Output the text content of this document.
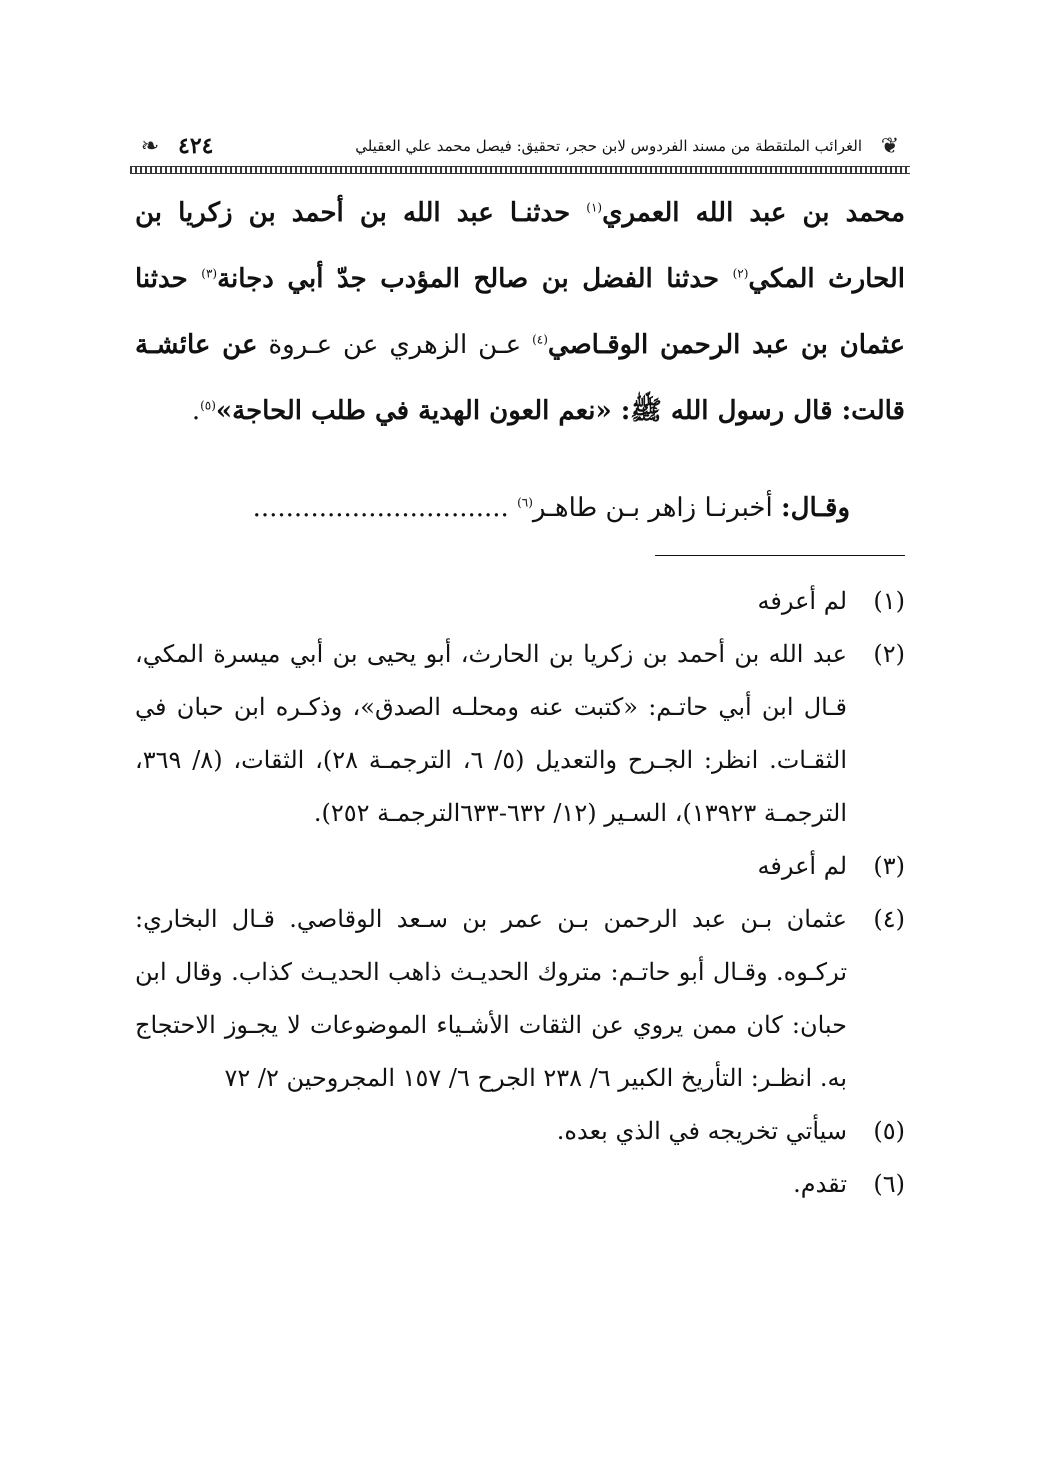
❦
الغرائب الملتقطة من مسند الفردوس لابن حجر، تحقيق: فيصل محمد علي العقيلي
٤٢٤
❧

محمد بن عبد الله العمري$^{(١)}$ حدثنـا عبد الله بن أحمد بن زكريا بن الحارث المكي$^{(٢)}$ حدثنا الفضل بن صالح المؤدب جدّ أبي دجانة$^{(٣)}$ حدثنا عثمان بن عبد الرحمن الوقـاصي$^{(٤)}$ عـن الزهري عن عـروة عن عائشـة قالت: قال رسول الله ﷺ: «نعم العون الهدية في طلب الحاجة»$^{(٥)}$.

وقـال: أخبرنـا زاهر بـن طاهـر$^{(٦)}$ ...............................
(١)
لم أعرفه
(٢)
عبد الله بن أحمد بن زكريا بن الحارث، أبو يحيى بن أبي ميسرة المكي، قـال ابن أبي حاتـم: «كتبت عنه ومحلـه الصدق»، وذكـره ابن حبان في الثقـات. انظر: الجـرح والتعديل (٥/ ٦، الترجمـة ٢٨)، الثقات، (٨/ ٣٦٩، الترجمـة ١٣٩٢٣)، السـير (١٢/ ٦٣٢-٦٣٣الترجمـة ٢٥٢).
(٣)
لم أعرفه
(٤)
عثمان بـن عبد الرحمن بـن عمر بن سـعد الوقاصي. قـال البخاري: تركـوه. وقـال أبو حاتـم: متروك الحديـث ذاهب الحديـث كذاب. وقال ابن حبان: كان ممن يروي عن الثقات الأشـياء الموضوعات لا يجـوز الاحتجاج به. انظـر: التأريخ الكبير ٦/ ٢٣٨ الجرح ٦/ ١٥٧ المجروحين ٢/ ٧٢
(٥)
سيأتي تخريجه في الذي بعده.
(٦)
تقدم.
